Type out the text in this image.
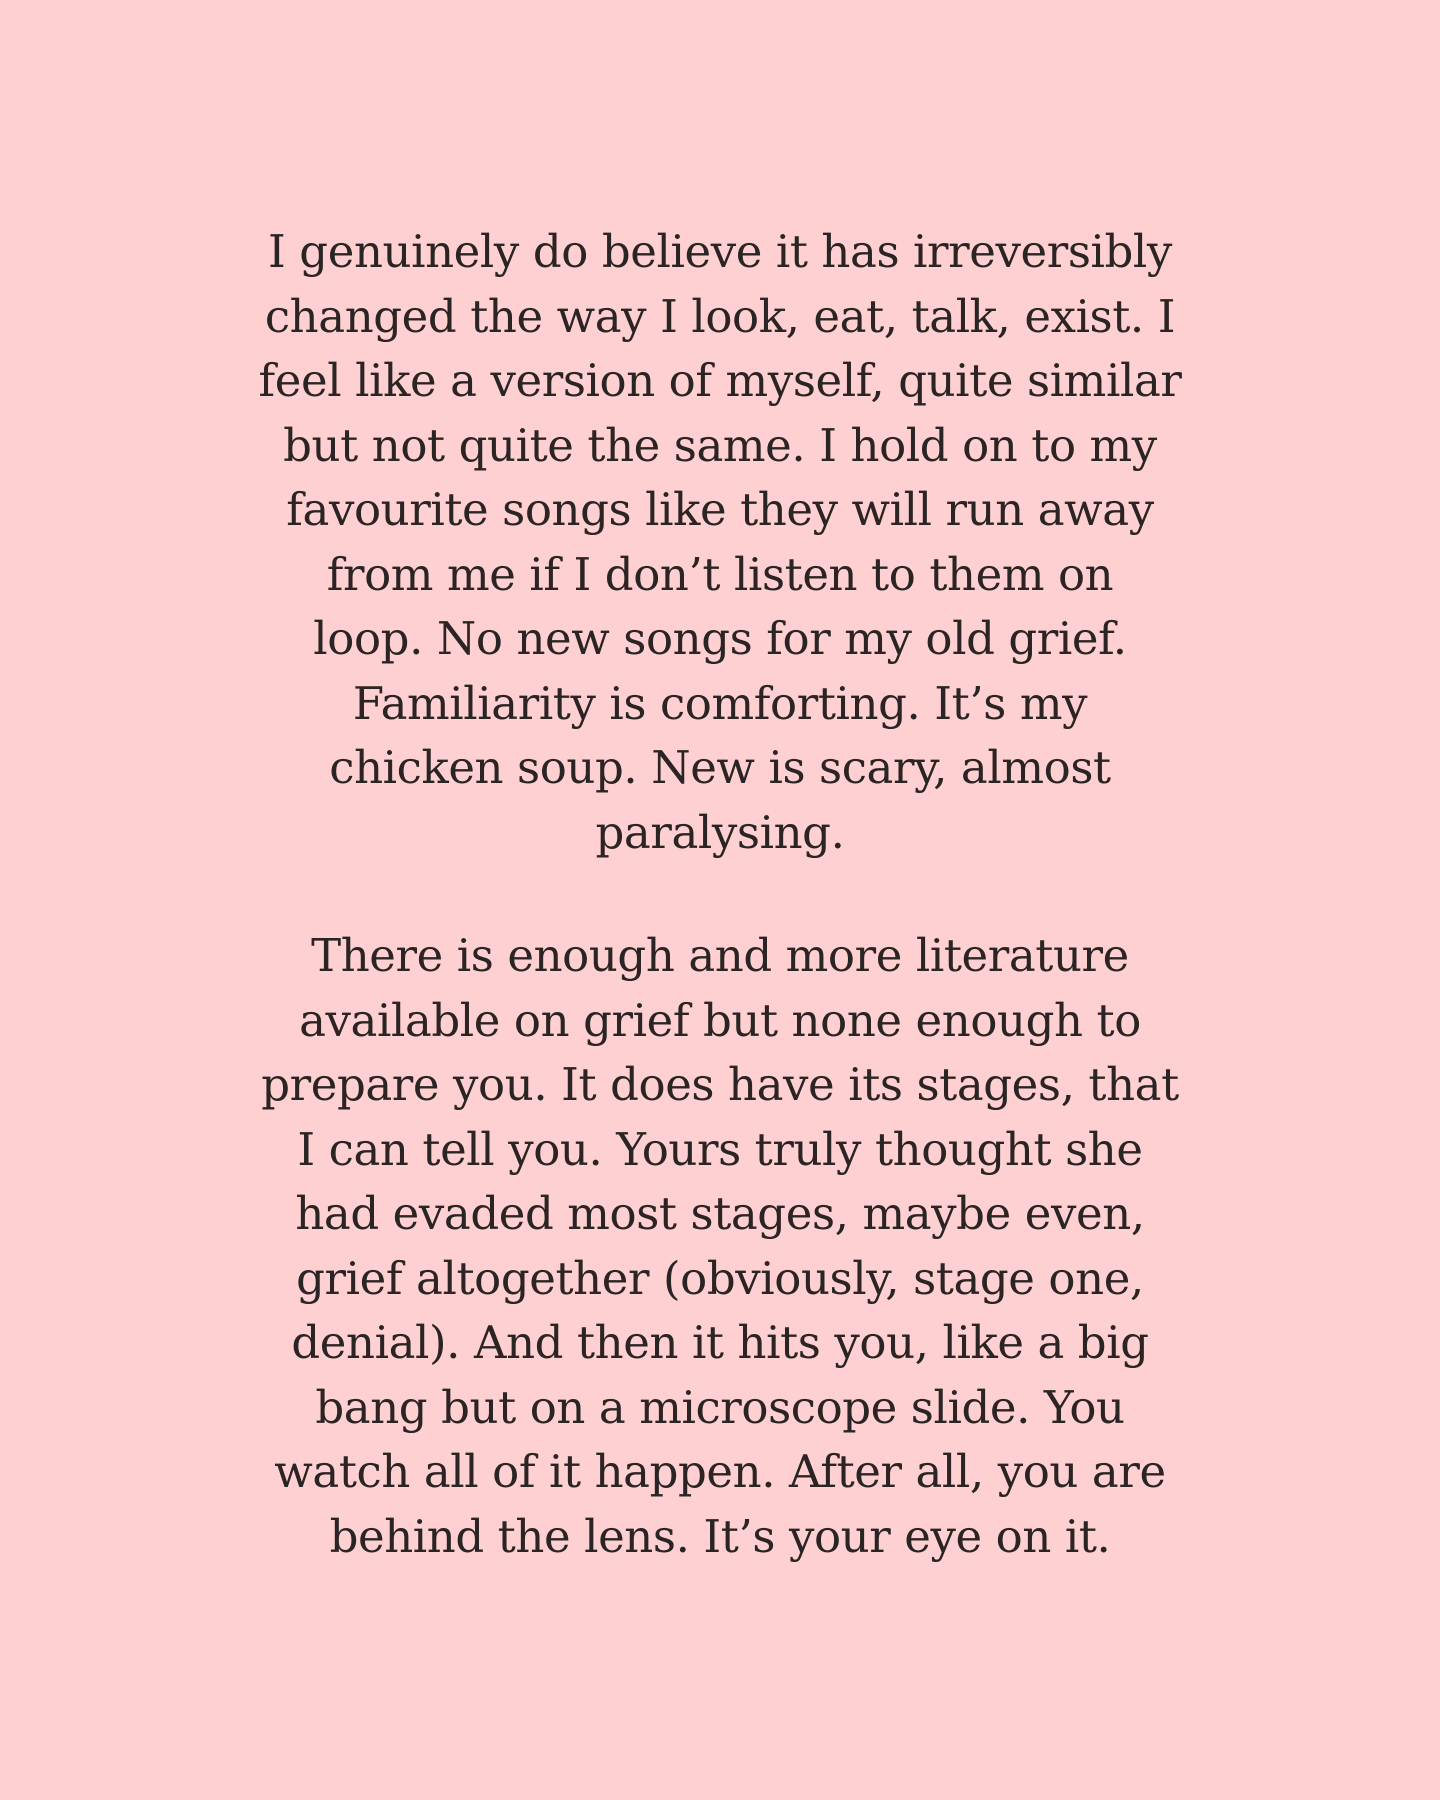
I genuinely do believe it has irreversibly
changed the way I look, eat, talk, exist. I
feel like a version of myself, quite similar
but not quite the same. I hold on to my
favourite songs like they will run away
from me if I don’t listen to them on
loop. No new songs for my old grief.
Familiarity is comforting. It’s my
chicken soup. New is scary, almost
paralysing.
There is enough and more literature
available on grief but none enough to
prepare you. It does have its stages, that
I can tell you. Yours truly thought she
had evaded most stages, maybe even,
grief altogether (obviously, stage one,
denial). And then it hits you, like a big
bang but on a microscope slide. You
watch all of it happen. After all, you are
behind the lens. It’s your eye on it.
